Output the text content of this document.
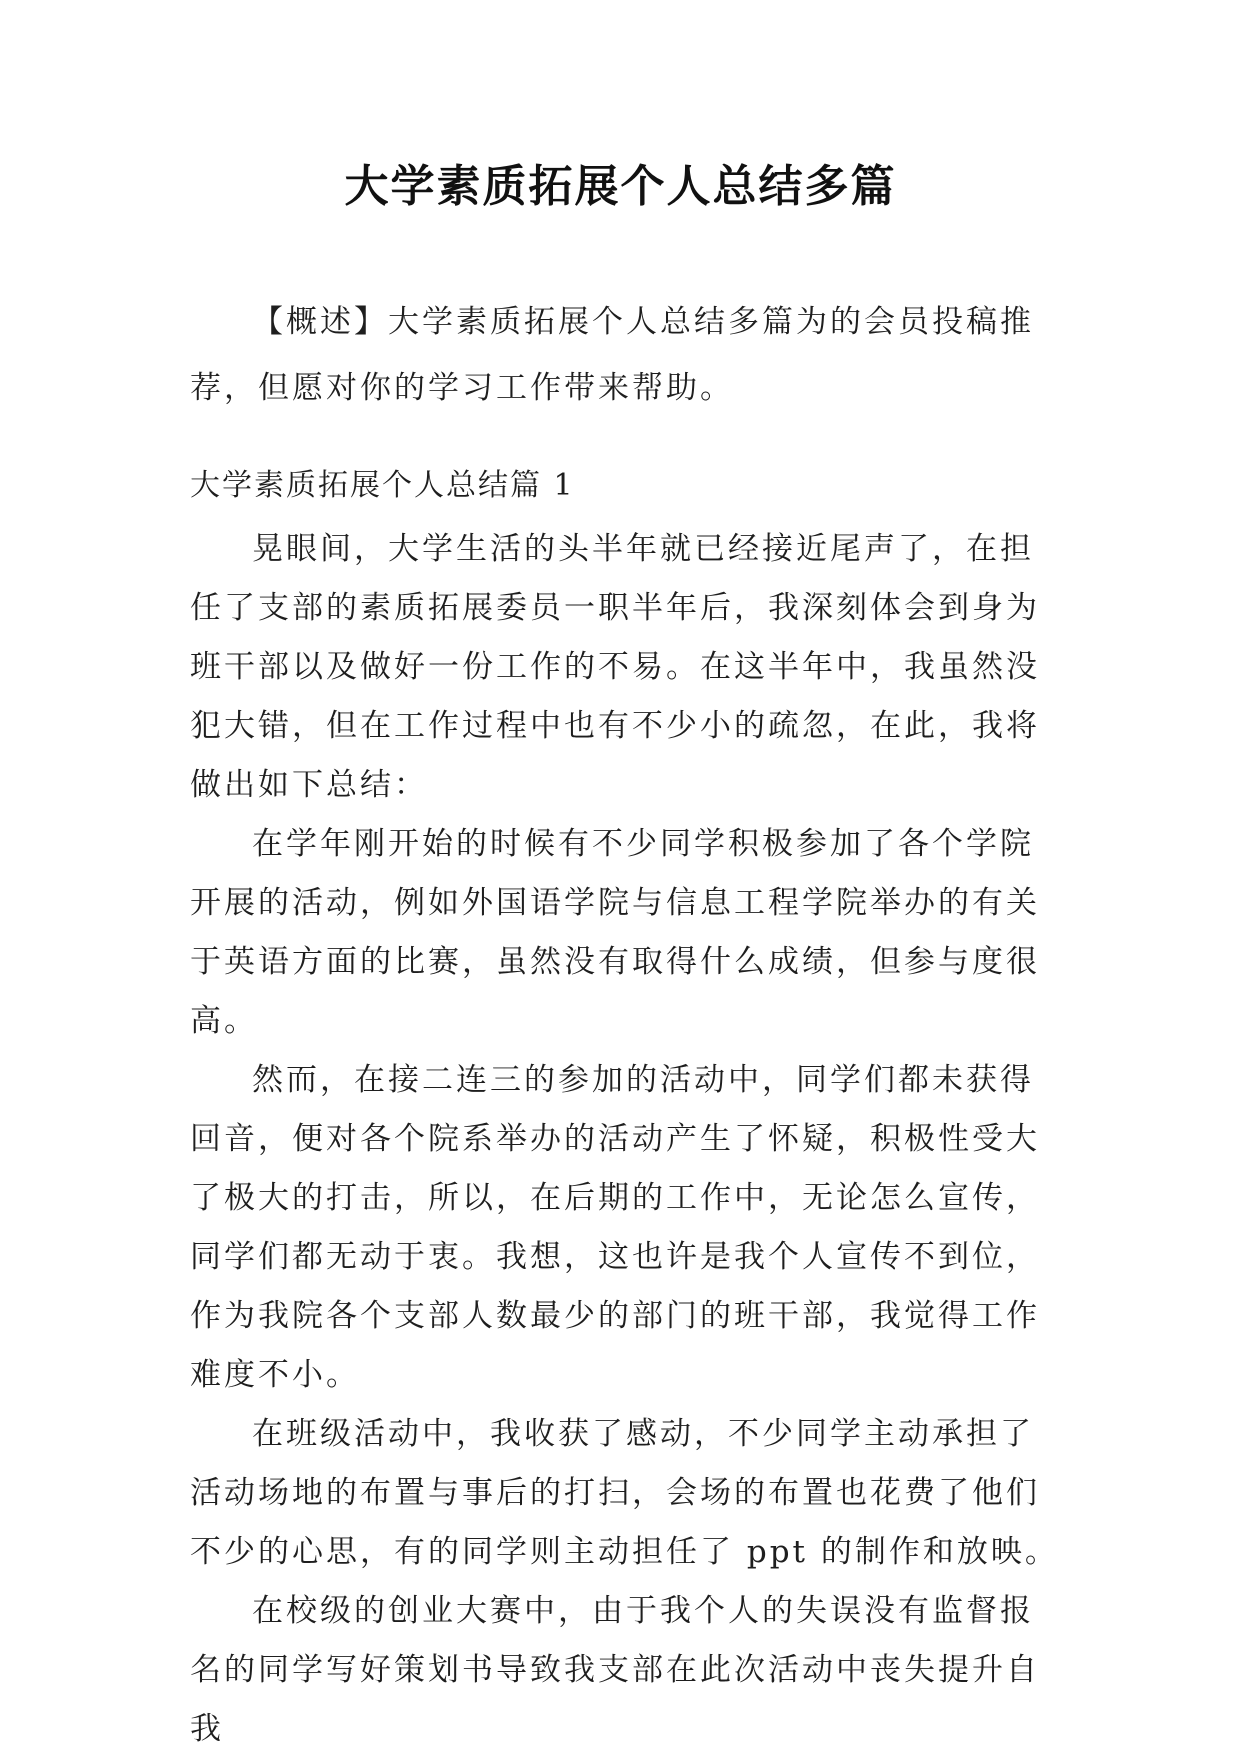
大学素质拓展个人总结多篇

【概述】大学素质拓展个人总结多篇为的会员投稿推荐，但愿对你的学习工作带来帮助。

大学素质拓展个人总结篇 1

晃眼间，大学生活的头半年就已经接近尾声了，在担任了支部的素质拓展委员一职半年后，我深刻体会到身为班干部以及做好一份工作的不易。在这半年中，我虽然没犯大错，但在工作过程中也有不少小的疏忽，在此，我将做出如下总结：

在学年刚开始的时候有不少同学积极参加了各个学院开展的活动，例如外国语学院与信息工程学院举办的有关于英语方面的比赛，虽然没有取得什么成绩，但参与度很高。

然而，在接二连三的参加的活动中，同学们都未获得回音，便对各个院系举办的活动产生了怀疑，积极性受大了极大的打击，所以，在后期的工作中，无论怎么宣传，同学们都无动于衷。我想，这也许是我个人宣传不到位，作为我院各个支部人数最少的部门的班干部，我觉得工作难度不小。

在班级活动中，我收获了感动，不少同学主动承担了活动场地的布置与事后的打扫，会场的布置也花费了他们不少的心思，有的同学则主动担任了 ppt 的制作和放映。

在校级的创业大赛中，由于我个人的失误没有监督报名的同学写好策划书导致我支部在此次活动中丧失提升自我
